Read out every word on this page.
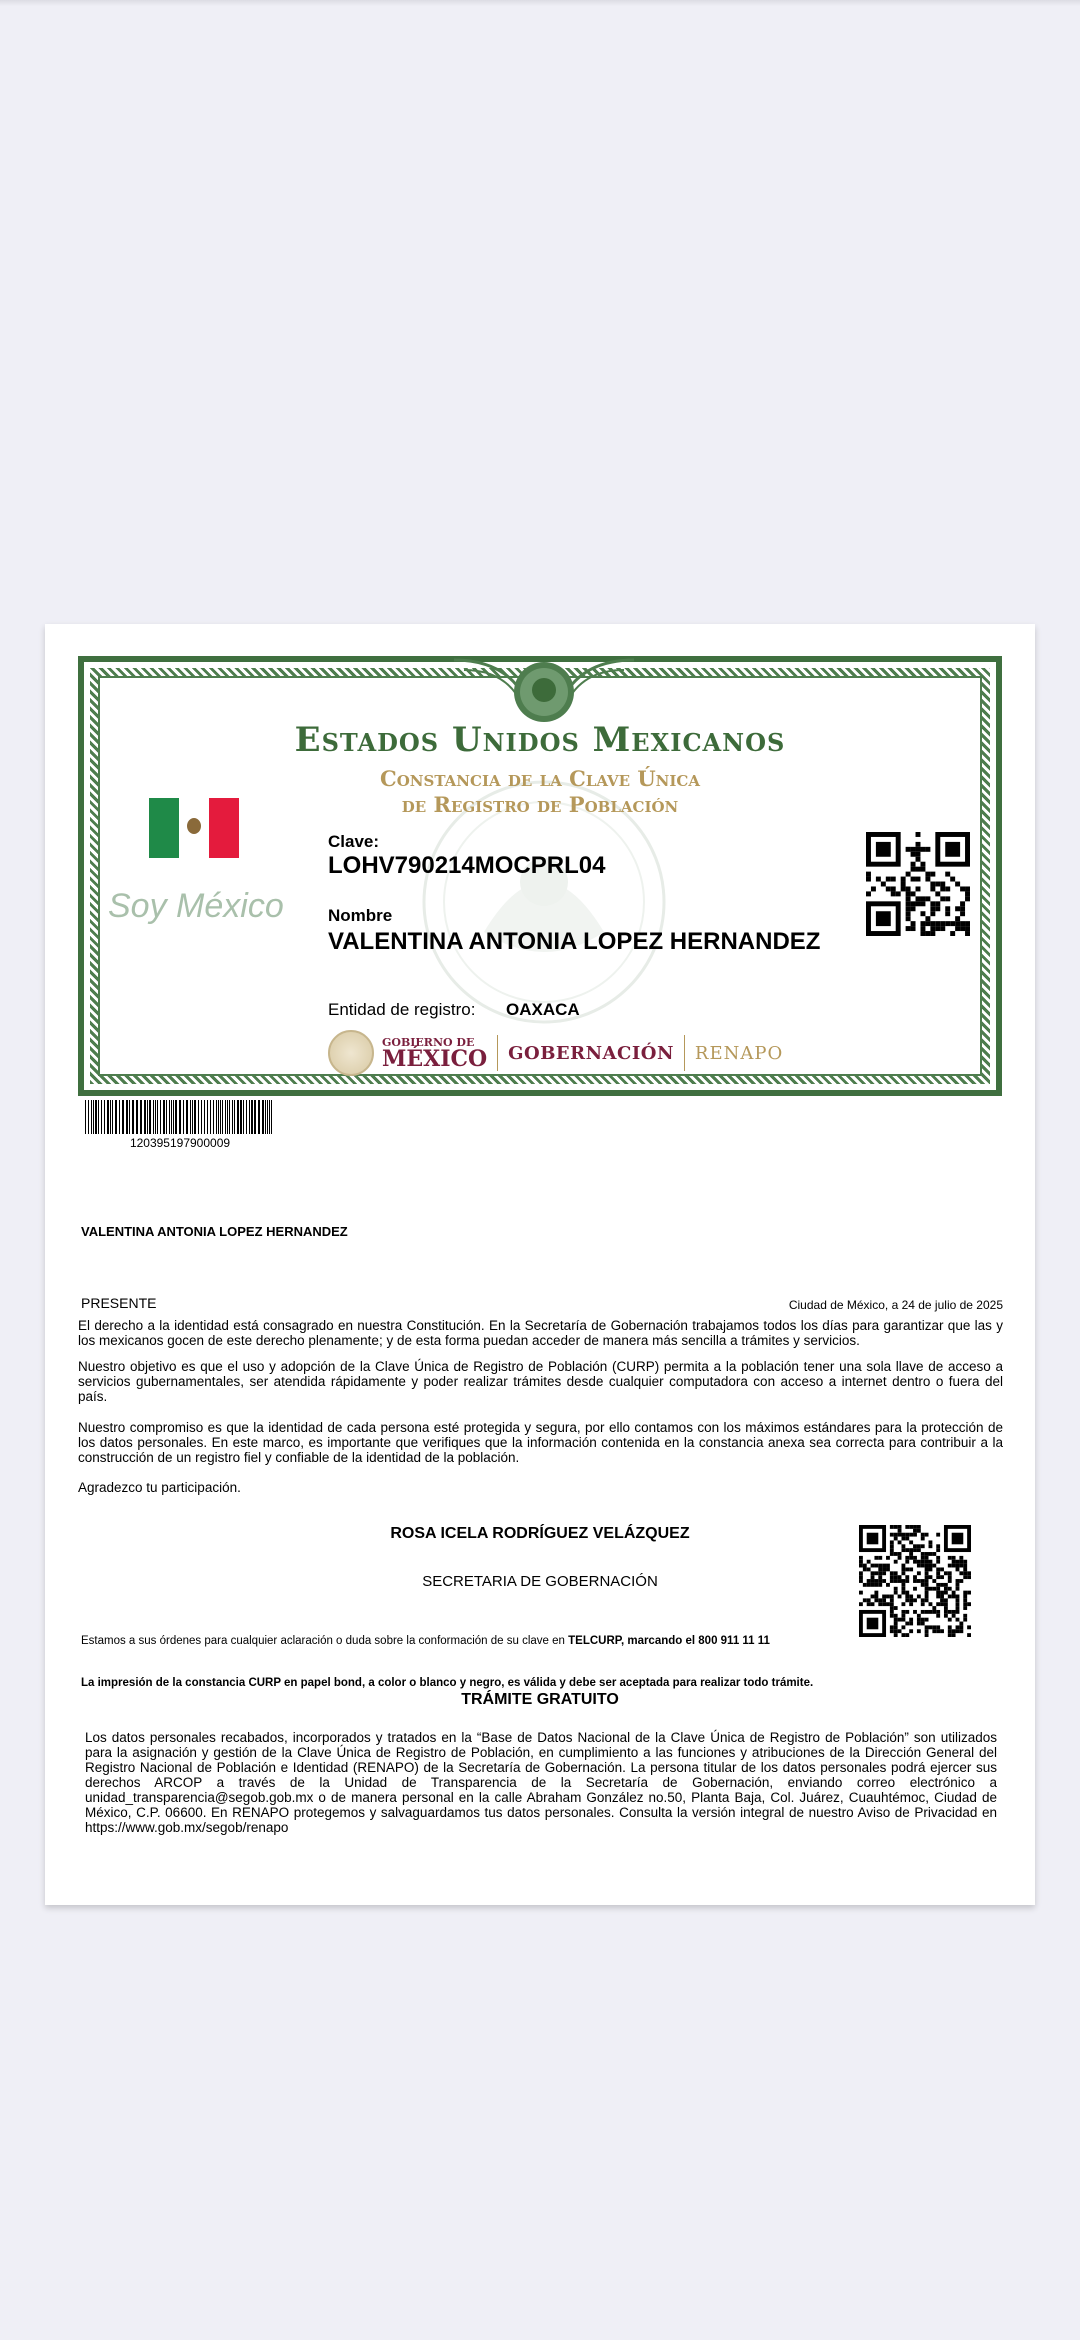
Estados Unidos Mexicanos
Constancia de la Clave Única
de Registro de Población
Soy México
Clave:
LOHV790214MOCPRL04
Nombre
VALENTINA ANTONIA LOPEZ HERNANDEZ
Entidad de registro: OAXACA
GOBIERNO DE
MÉXICO GOBERNACIÓN RENAPO
120395197900009
VALENTINA ANTONIA LOPEZ HERNANDEZ
PRESENTE	Ciudad de México, a 24 de julio de 2025
El derecho a la identidad está consagrado en nuestra Constitución. En la Secretaría de Gobernación trabajamos todos los días para garantizar que las y los mexicanos gocen de este derecho plenamente; y de esta forma puedan acceder de manera más sencilla a trámites y servicios.
Nuestro objetivo es que el uso y adopción de la Clave Única de Registro de Población (CURP) permita a la población tener una sola llave de acceso a servicios gubernamentales, ser atendida rápidamente y poder realizar trámites desde cualquier computadora con acceso a internet dentro o fuera del país.
Nuestro compromiso es que la identidad de cada persona esté protegida y segura, por ello contamos con los máximos estándares para la protección de los datos personales. En este marco, es importante que verifiques que la información contenida en la constancia anexa sea correcta para contribuir a la construcción de un registro fiel y confiable de la identidad de la población.
Agradezco tu participación.
ROSA ICELA RODRÍGUEZ VELÁZQUEZ
SECRETARIA DE GOBERNACIÓN
Estamos a sus órdenes para cualquier aclaración o duda sobre la conformación de su clave en TELCURP, marcando el 800 911 11 11
La impresión de la constancia CURP en papel bond, a color o blanco y negro, es válida y debe ser aceptada para realizar todo trámite.
TRÁMITE GRATUITO
Los datos personales recabados, incorporados y tratados en la “Base de Datos Nacional de la Clave Única de Registro de Población” son utilizados para la asignación y gestión de la Clave Única de Registro de Población, en cumplimiento a las funciones y atribuciones de la Dirección General del Registro Nacional de Población e Identidad (RENAPO) de la Secretaría de Gobernación. La persona titular de los datos personales podrá ejercer sus derechos ARCOP a través de la Unidad de Transparencia de la Secretaría de Gobernación, enviando correo electrónico a unidad_transparencia@segob.gob.mx o de manera personal en la calle Abraham González no.50, Planta Baja, Col. Juárez, Cuauhtémoc, Ciudad de México, C.P. 06600. En RENAPO protegemos y salvaguardamos tus datos personales. Consulta la versión integral de nuestro Aviso de Privacidad en https://www.gob.mx/segob/renapo
